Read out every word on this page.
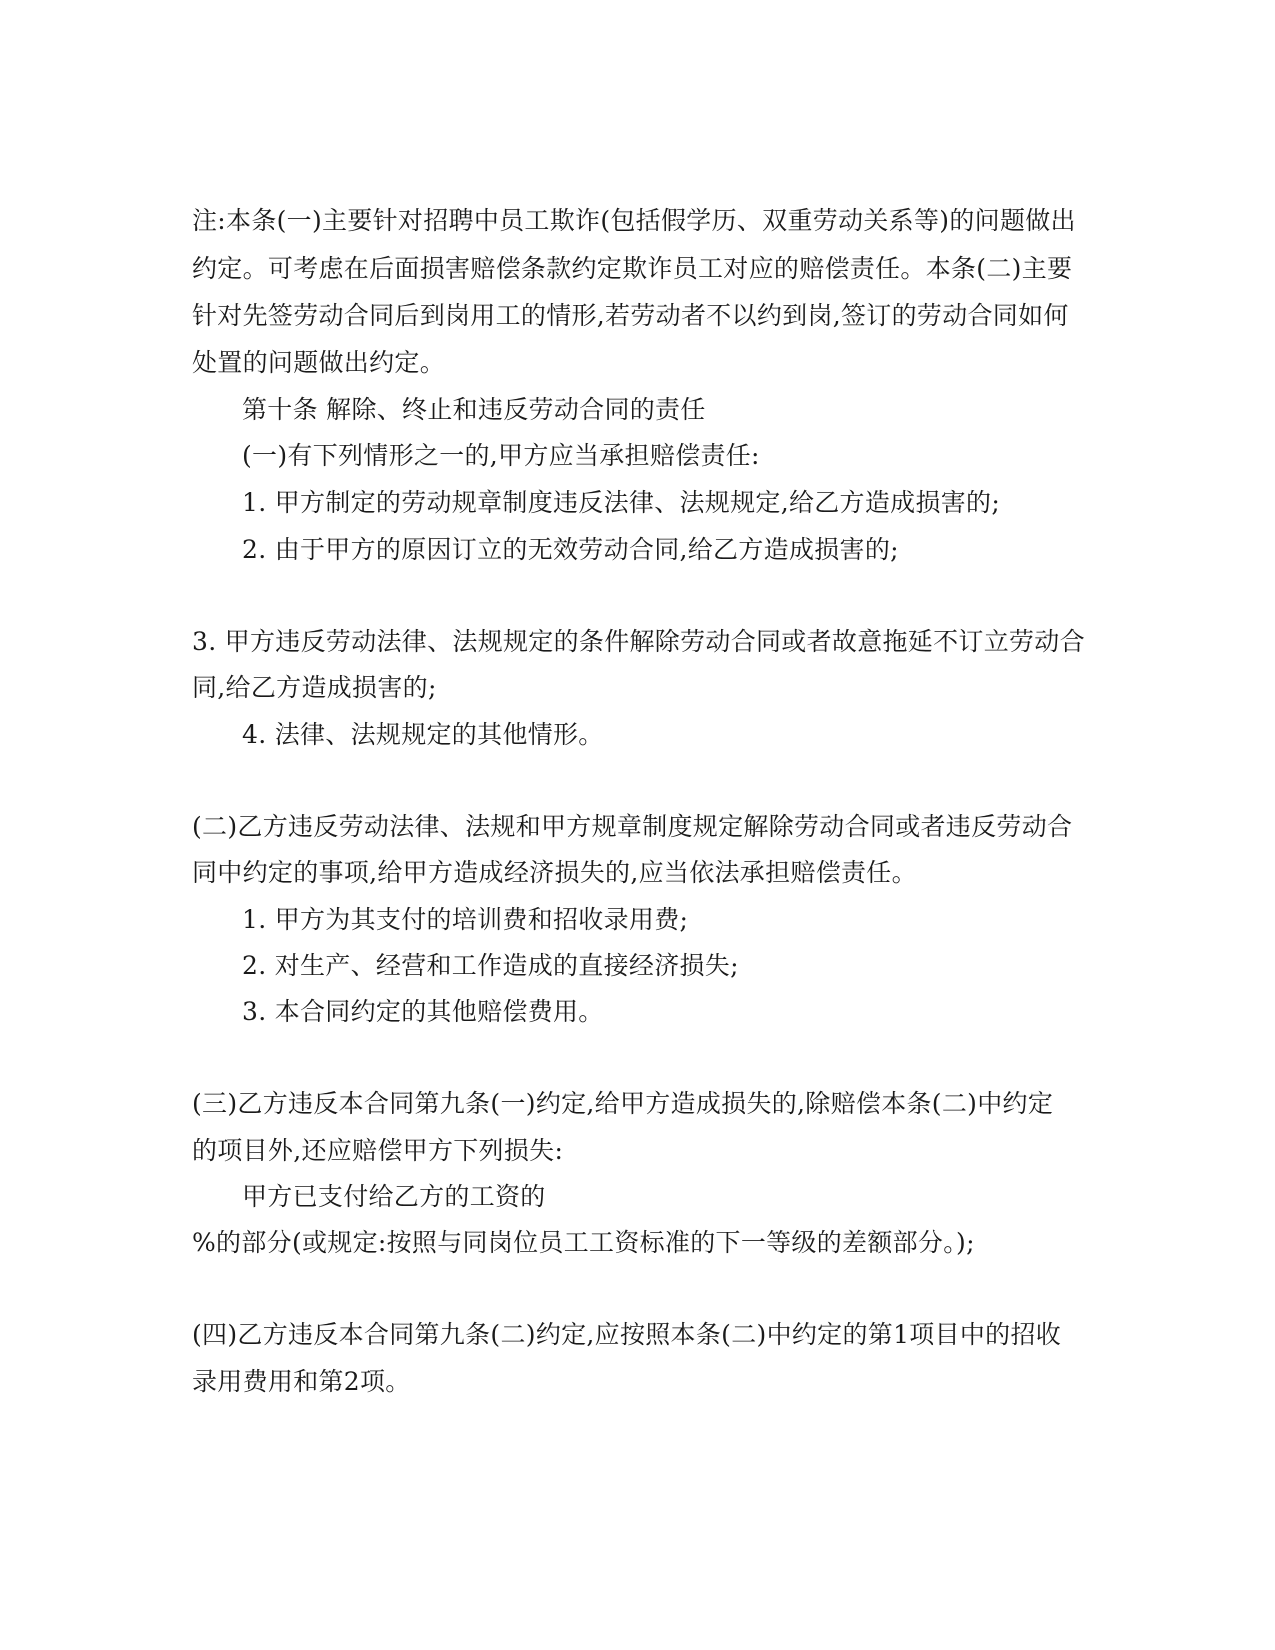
注:本条(一)主要针对招聘中员工欺诈(包括假学历、双重劳动关系等)的问题做出
约定。可考虑在后面损害赔偿条款约定欺诈员工对应的赔偿责任。本条(二)主要
针对先签劳动合同后到岗用工的情形,若劳动者不以约到岗,签订的劳动合同如何
处置的问题做出约定。
第十条 解除、终止和违反劳动合同的责任
(一)有下列情形之一的,甲方应当承担赔偿责任:
1. 甲方制定的劳动规章制度违反法律、法规规定,给乙方造成损害的;
2. 由于甲方的原因订立的无效劳动合同,给乙方造成损害的;
3. 甲方违反劳动法律、法规规定的条件解除劳动合同或者故意拖延不订立劳动合
同,给乙方造成损害的;
4. 法律、法规规定的其他情形。
(二)乙方违反劳动法律、法规和甲方规章制度规定解除劳动合同或者违反劳动合
同中约定的事项,给甲方造成经济损失的,应当依法承担赔偿责任。
1. 甲方为其支付的培训费和招收录用费;
2. 对生产、经营和工作造成的直接经济损失;
3. 本合同约定的其他赔偿费用。
(三)乙方违反本合同第九条(一)约定,给甲方造成损失的,除赔偿本条(二)中约定
的项目外,还应赔偿甲方下列损失:
甲方已支付给乙方的工资的
%的部分(或规定:按照与同岗位员工工资标准的下一等级的差额部分。);
(四)乙方违反本合同第九条(二)约定,应按照本条(二)中约定的第1项目中的招收
录用费用和第2项。
